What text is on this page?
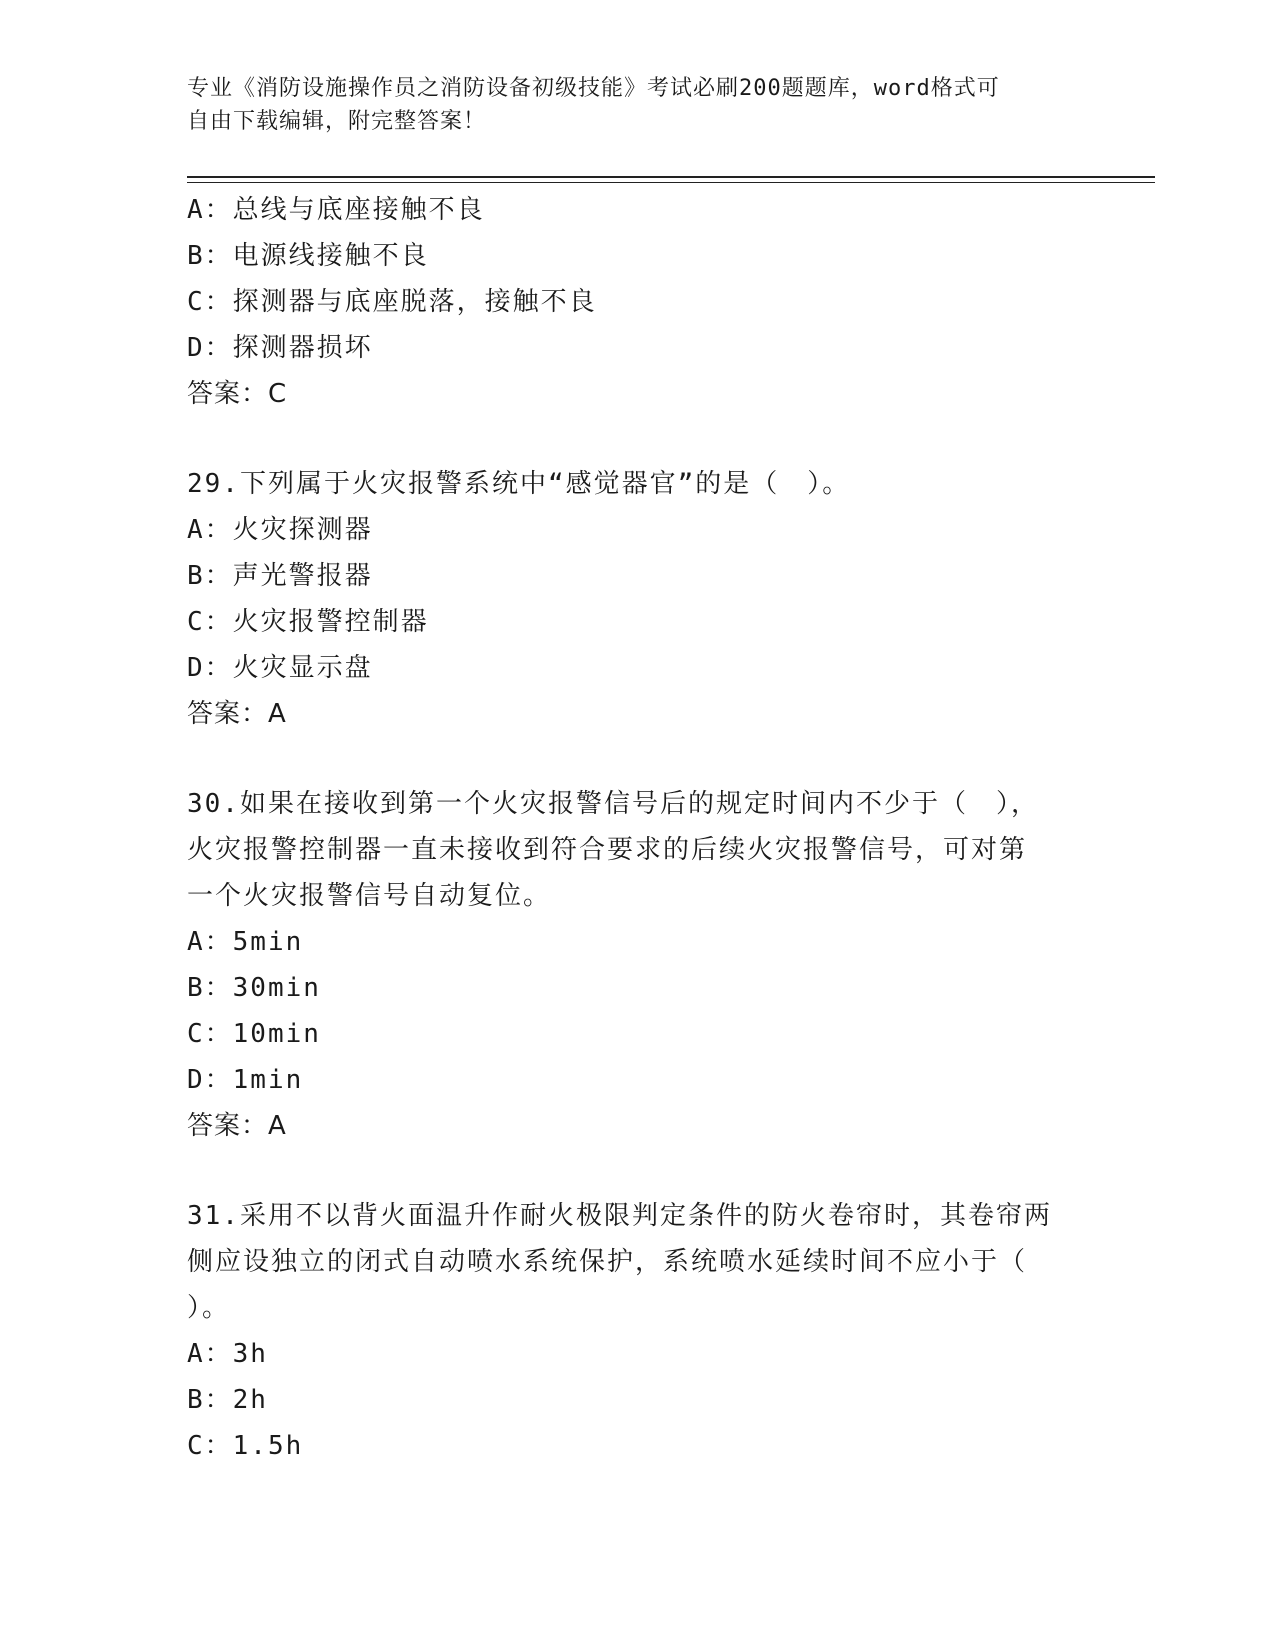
专业《消防设施操作员之消防设备初级技能》考试必刷200题题库，word格式可
自由下载编辑，附完整答案！
A：总线与底座接触不良
B：电源线接触不良
C：探测器与底座脱落，接触不良
D：探测器损坏
答案：C
29.下列属于火灾报警系统中“感觉器官”的是（　）。
A：火灾探测器
B：声光警报器
C：火灾报警控制器
D：火灾显示盘
答案：A
30.如果在接收到第一个火灾报警信号后的规定时间内不少于（　），
火灾报警控制器一直未接收到符合要求的后续火灾报警信号，可对第
一个火灾报警信号自动复位。
A：5min
B：30min
C：10min
D：1min
答案：A
31.采用不以背火面温升作耐火极限判定条件的防火卷帘时，其卷帘两
侧应设独立的闭式自动喷水系统保护，系统喷水延续时间不应小于（
）。
A：3h
B：2h
C：1.5h
